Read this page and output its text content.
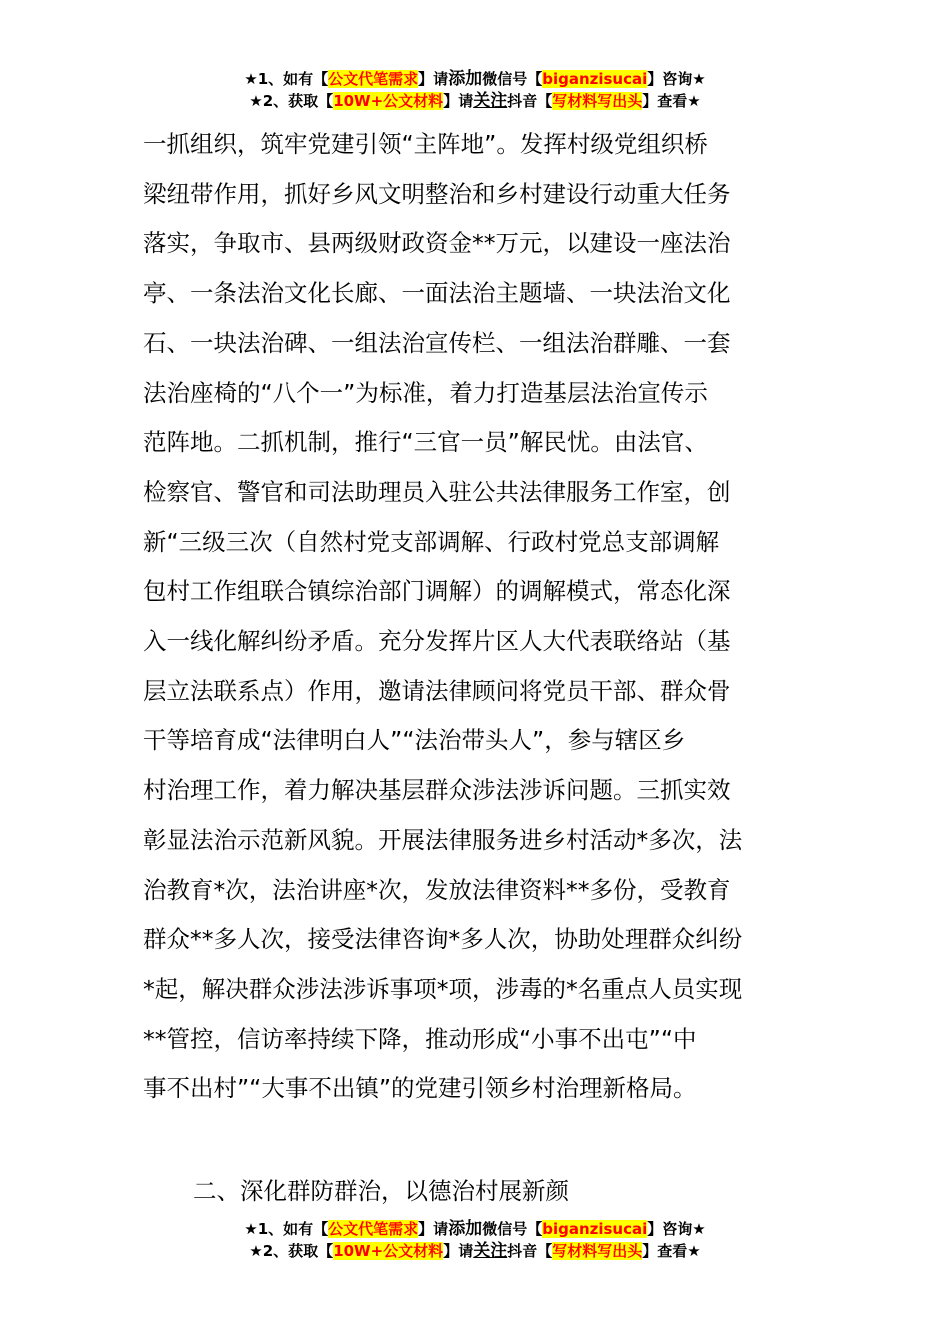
★1、如有【公文代笔需求】请添加微信号【biganzisucai】咨询★
★2、获取【10W+公文材料】请关注抖音【写材料写出头】查看★
一抓组织，筑牢党建引领“主阵地”。发挥村级党组织桥
梁纽带作用，抓好乡风文明整治和乡村建设行动重大任务
落实，争取市、县两级财政资金**万元，以建设一座法治
亭、一条法治文化长廊、一面法治主题墙、一块法治文化
石、一块法治碑、一组法治宣传栏、一组法治群雕、一套
法治座椅的“八个一”为标准，着力打造基层法治宣传示
范阵地。二抓机制，推行“三官一员”解民忧。由法官、
检察官、警官和司法助理员入驻公共法律服务工作室，创
新“三级三次（自然村党支部调解、行政村党总支部调解
包村工作组联合镇综治部门调解）的调解模式，常态化深
入一线化解纠纷矛盾。充分发挥片区人大代表联络站（基
层立法联系点）作用，邀请法律顾问将党员干部、群众骨
干等培育成“法律明白人”“法治带头人”，参与辖区乡
村治理工作，着力解决基层群众涉法涉诉问题。三抓实效
彰显法治示范新风貌。开展法律服务进乡村活动*多次，法
治教育*次，法治讲座*次，发放法律资料**多份，受教育
群众**多人次，接受法律咨询*多人次，协助处理群众纠纷
*起，解决群众涉法涉诉事项*项，涉毒的*名重点人员实现
**管控，信访率持续下降，推动形成“小事不出屯”“中
事不出村”“大事不出镇”的党建引领乡村治理新格局。
二、深化群防群治，以德治村展新颜
★1、如有【公文代笔需求】请添加微信号【biganzisucai】咨询★
★2、获取【10W+公文材料】请关注抖音【写材料写出头】查看★
